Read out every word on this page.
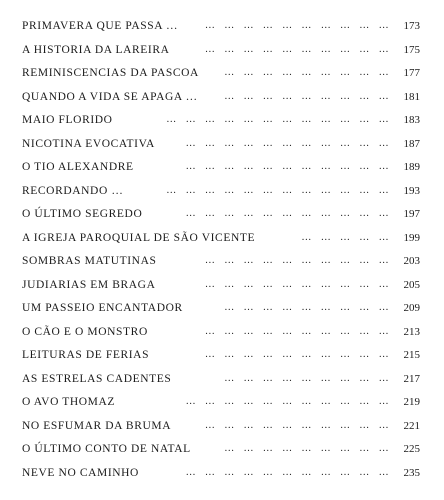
PRIMAVERA QUE PASSA …	… … … … … … … … … … 173
A HISTORIA DA LAREIRA	… … … … … … … … … … 175
REMINISCENCIAS DA PASCOA	… … … … … … … … … 177
QUANDO A VIDA SE APAGA …	… … … … … … … … … 181
MAIO FLORIDO	… … … … … … … … … … … … 183
NICOTINA EVOCATIVA	… … … … … … … … … … … 187
O TIO ALEXANDRE	… … … … … … … … … … … 189
RECORDANDO …	… … … … … … … … … … … … 193
O ÚLTIMO SEGREDO	… … … … … … … … … … … 197
A IGREJA PAROQUIAL DE SÃO VICENTE	… … … … … 199
SOMBRAS MATUTINAS	… … … … … … … … … … 203
JUDIARIAS EM BRAGA	… … … … … … … … … … 205
UM PASSEIO ENCANTADOR	… … … … … … … … … 209
O CÃO E O MONSTRO	… … … … … … … … … … 213
LEITURAS DE FERIAS	… … … … … … … … … … 215
AS ESTRELAS CADENTES	… … … … … … … … … 217
O AVO THOMAZ	… … … … … … … … … … … 219
NO ESFUMAR DA BRUMA	… … … … … … … … … … 221
O ÚLTIMO CONTO DE NATAL	… … … … … … … … … 225
NEVE NO CAMINHO	… … … … … … … … … … … 235
